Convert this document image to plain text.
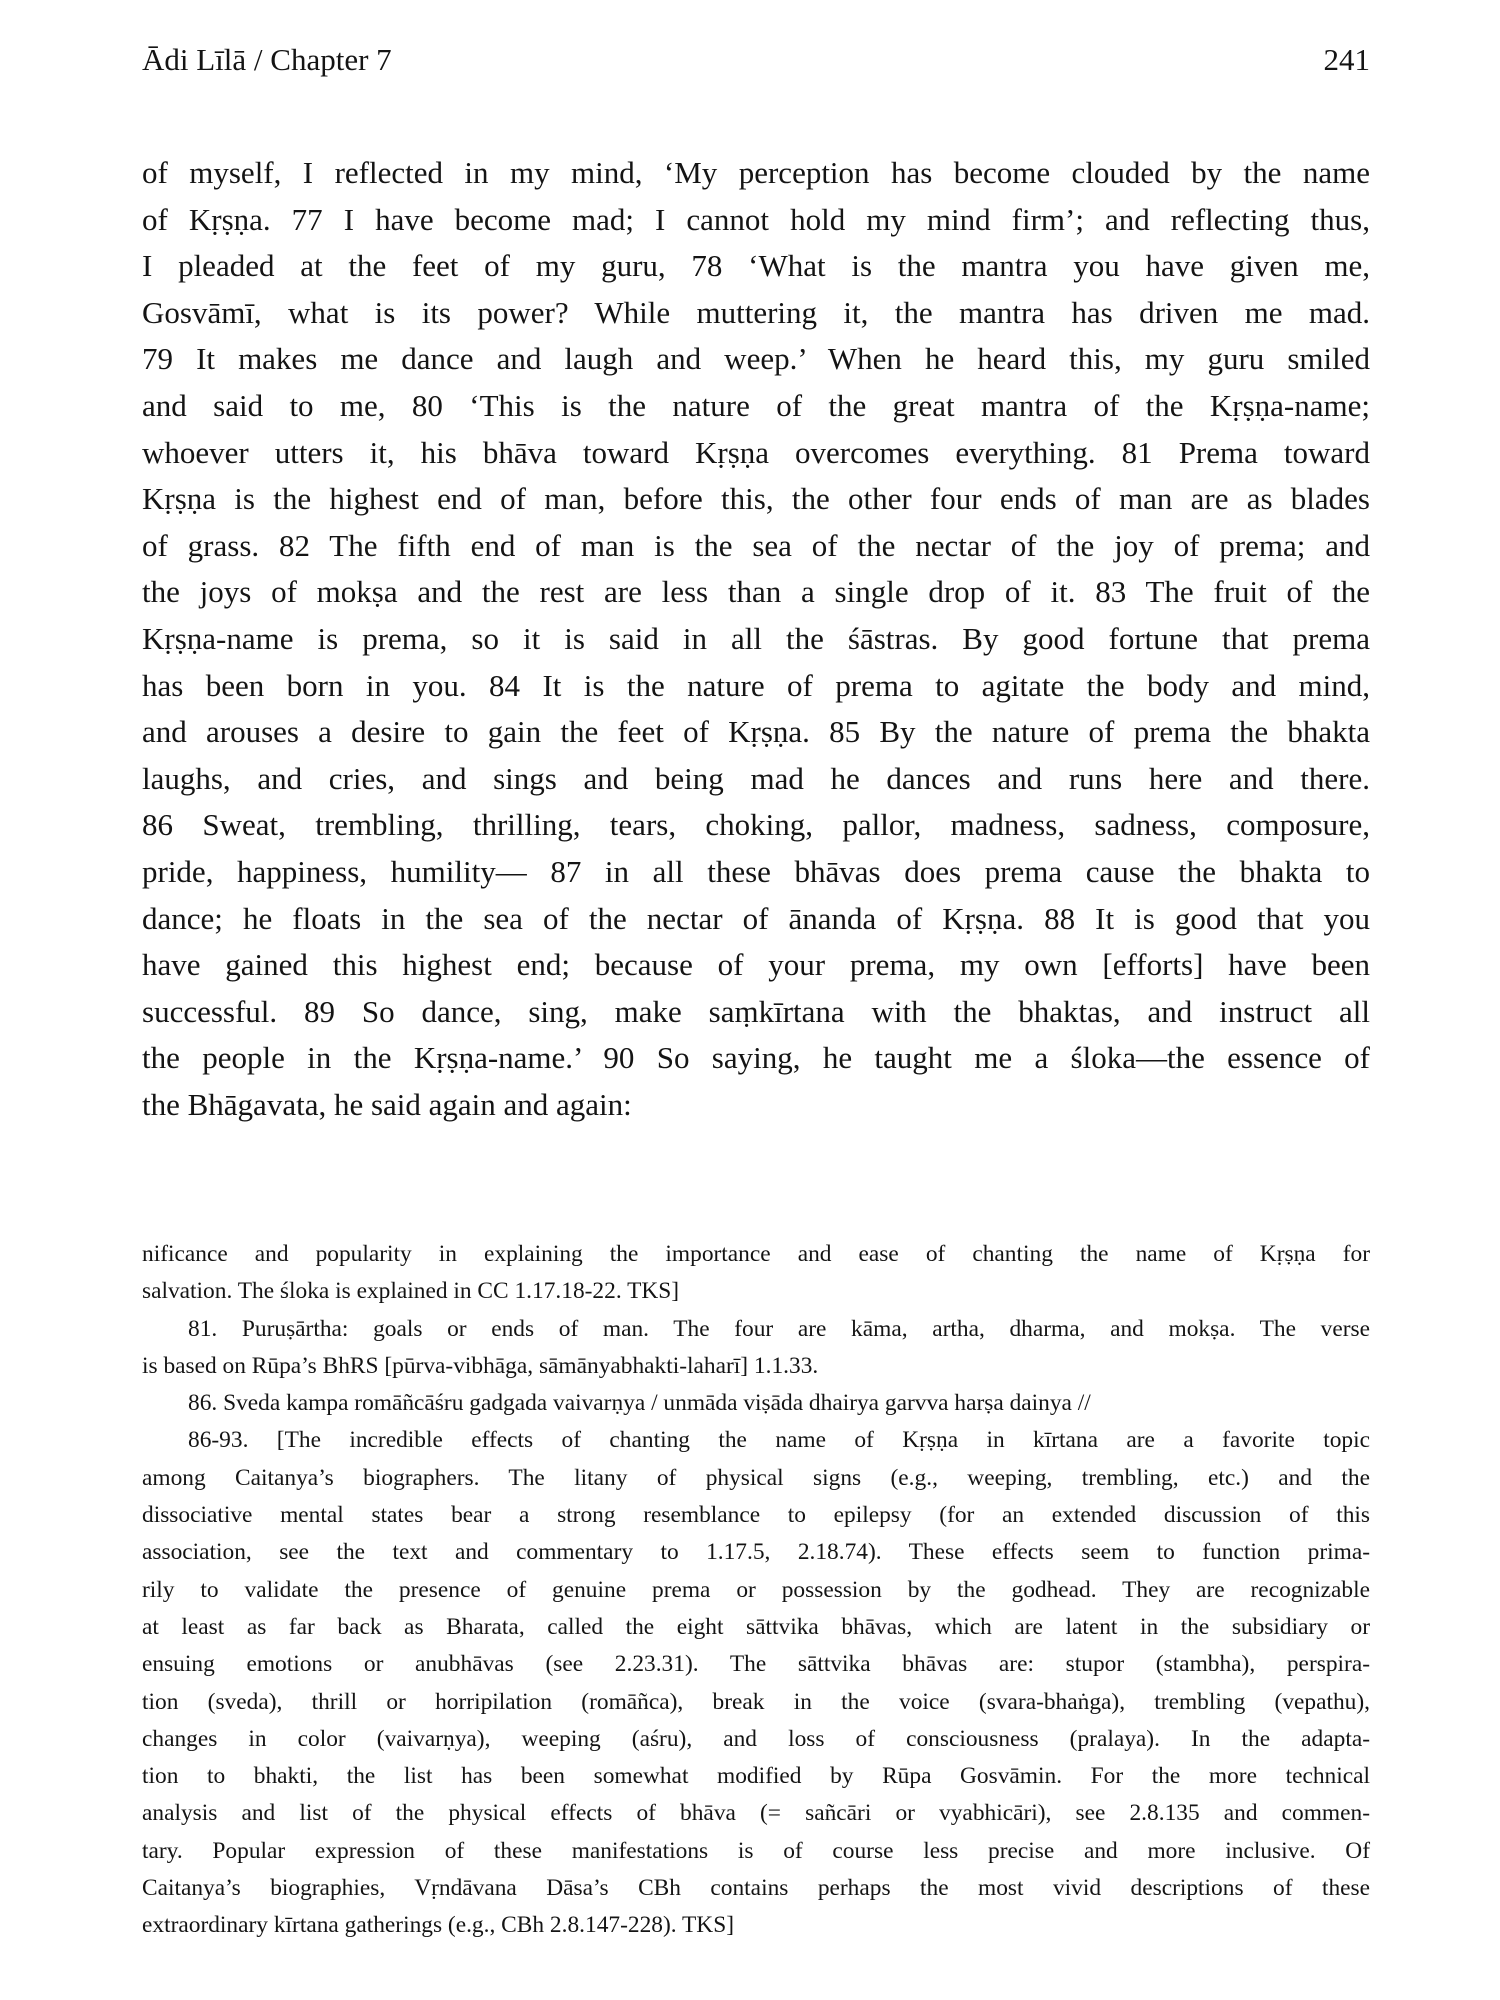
Ādi Līlā / Chapter 7	241
of myself, I reflected in my mind, ‘My perception has become clouded by the name
of Kṛṣṇa. 77 I have become mad; I cannot hold my mind firm’; and reflecting thus,
I pleaded at the feet of my guru, 78 ‘What is the mantra you have given me,
Gosvāmī, what is its power? While muttering it, the mantra has driven me mad.
79 It makes me dance and laugh and weep.’ When he heard this, my guru smiled
and said to me, 80 ‘This is the nature of the great mantra of the Kṛṣṇa-name;
whoever utters it, his bhāva toward Kṛṣṇa overcomes everything. 81 Prema toward
Kṛṣṇa is the highest end of man, before this, the other four ends of man are as blades
of grass. 82 The fifth end of man is the sea of the nectar of the joy of prema; and
the joys of mokṣa and the rest are less than a single drop of it. 83 The fruit of the
Kṛṣṇa-name is prema, so it is said in all the śāstras. By good fortune that prema
has been born in you. 84 It is the nature of prema to agitate the body and mind,
and arouses a desire to gain the feet of Kṛṣṇa. 85 By the nature of prema the bhakta
laughs, and cries, and sings and being mad he dances and runs here and there.
86 Sweat, trembling, thrilling, tears, choking, pallor, madness, sadness, composure,
pride, happiness, humility— 87 in all these bhāvas does prema cause the bhakta to
dance; he floats in the sea of the nectar of ānanda of Kṛṣṇa. 88 It is good that you
have gained this highest end; because of your prema, my own [efforts] have been
successful. 89 So dance, sing, make saṃkīrtana with the bhaktas, and instruct all
the people in the Kṛṣṇa-name.’ 90 So saying, he taught me a śloka—the essence of
the Bhāgavata, he said again and again:
nificance and popularity in explaining the importance and ease of chanting the name of Kṛṣṇa for
salvation. The śloka is explained in CC 1.17.18-22. TKS]
81. Puruṣārtha: goals or ends of man. The four are kāma, artha, dharma, and mokṣa. The verse
is based on Rūpa’s BhRS [pūrva-vibhāga, sāmānyabhakti-laharī] 1.1.33.
86. Sveda kampa romāñcāśru gadgada vaivarṇya / unmāda viṣāda dhairya garvva harṣa dainya //
86-93. [The incredible effects of chanting the name of Kṛṣṇa in kīrtana are a favorite topic
among Caitanya’s biographers. The litany of physical signs (e.g., weeping, trembling, etc.) and the
dissociative mental states bear a strong resemblance to epilepsy (for an extended discussion of this
association, see the text and commentary to 1.17.5, 2.18.74). These effects seem to function prima-
rily to validate the presence of genuine prema or possession by the godhead. They are recognizable
at least as far back as Bharata, called the eight sāttvika bhāvas, which are latent in the subsidiary or
ensuing emotions or anubhāvas (see 2.23.31). The sāttvika bhāvas are: stupor (stambha), perspira-
tion (sveda), thrill or horripilation (romāñca), break in the voice (svara-bhaṅga), trembling (vepathu),
changes in color (vaivarṇya), weeping (aśru), and loss of consciousness (pralaya). In the adapta-
tion to bhakti, the list has been somewhat modified by Rūpa Gosvāmin. For the more technical
analysis and list of the physical effects of bhāva (= sañcāri or vyabhicāri), see 2.8.135 and commen-
tary. Popular expression of these manifestations is of course less precise and more inclusive. Of
Caitanya’s biographies, Vṛndāvana Dāsa’s CBh contains perhaps the most vivid descriptions of these
extraordinary kīrtana gatherings (e.g., CBh 2.8.147-228). TKS]
